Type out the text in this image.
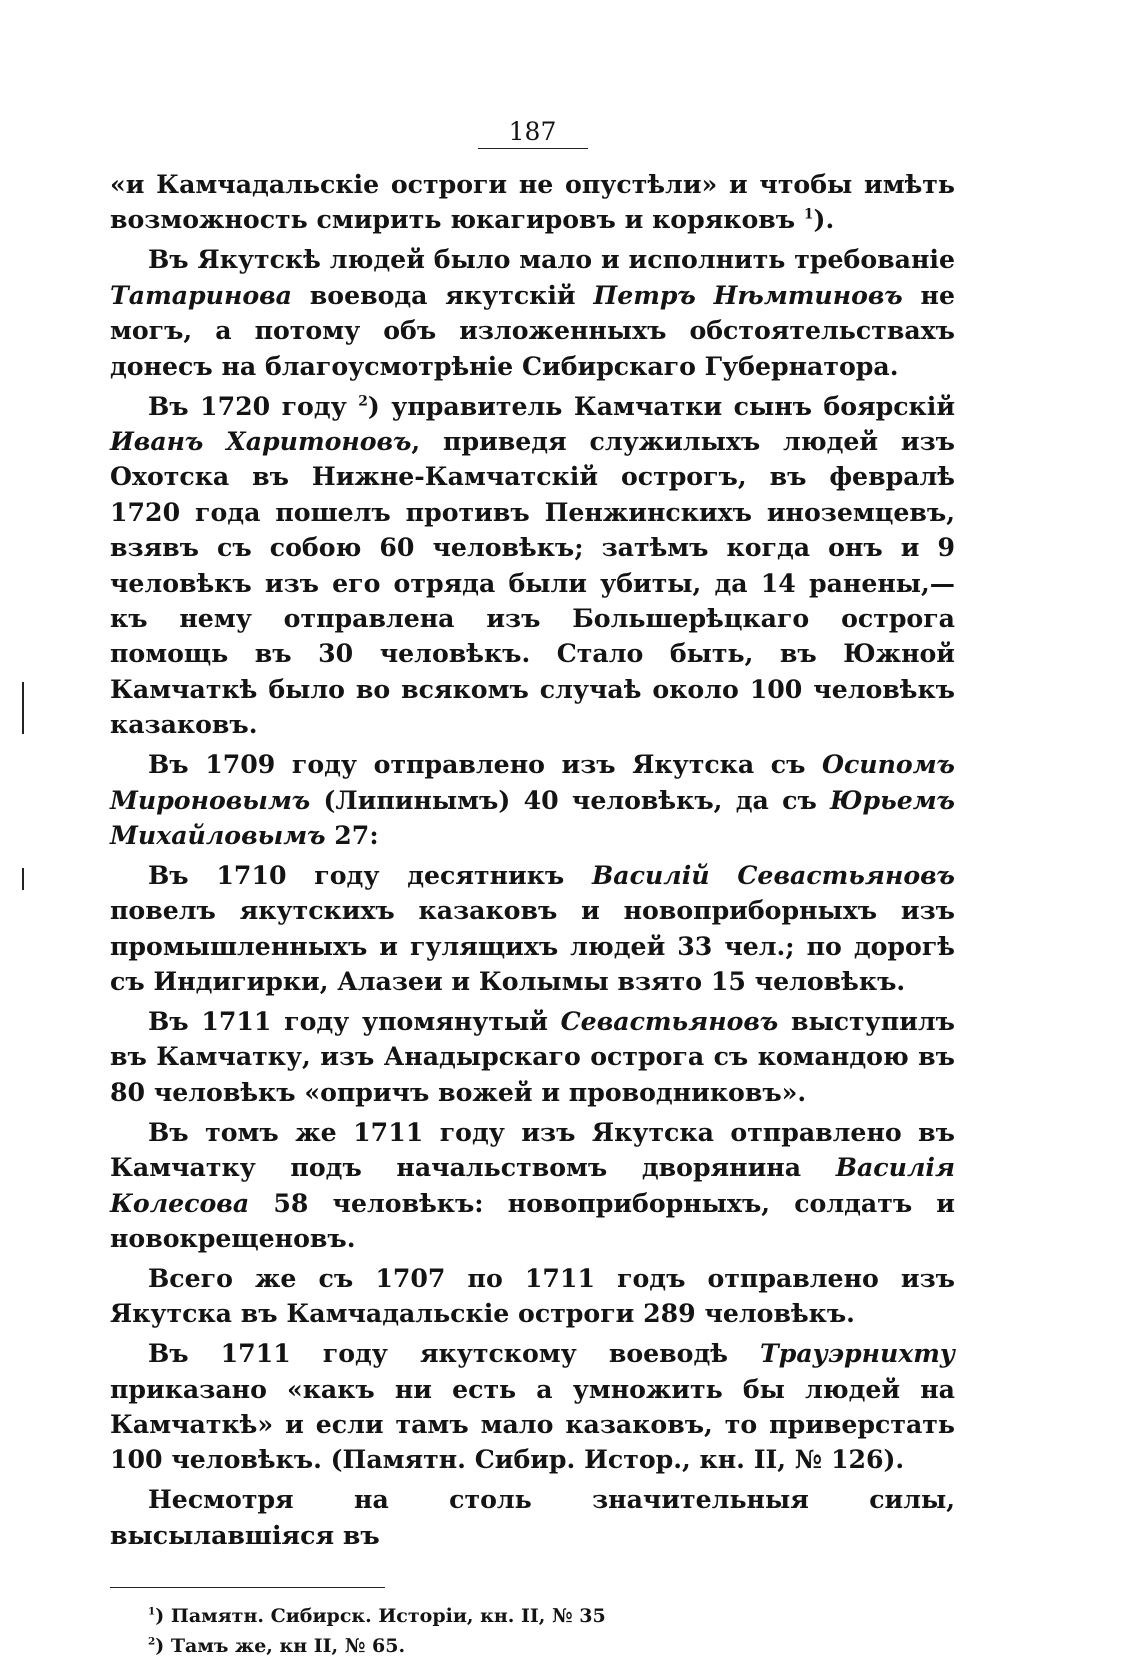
187

«и Камчадальскіе остроги не опустѣли» и чтобы имѣть возможность смирить юкагировъ и коряковъ $^1$).

Въ Якутскѣ людей было мало и исполнить требованіе Татаринова воевода якутскій Петръ Нѣмтиновъ не могъ, а потому объ изложенныхъ обстоятельствахъ донесъ на благоусмотрѣніе Сибирскаго Губернатора.

Въ 1720 году $^2$) управитель Камчатки сынъ боярскій Иванъ Харитоновъ, приведя служилыхъ людей изъ Охотска въ Нижне-Камчатскій острогъ, въ февралѣ 1720 года пошелъ противъ Пенжинскихъ иноземцевъ, взявъ съ собою 60 человѣкъ; затѣмъ когда онъ и 9 человѣкъ изъ его отряда были убиты, да 14 ранены,— къ нему отправлена изъ Большерѣцкаго острога помощь въ 30 человѣкъ. Стало быть, въ Южной Камчаткѣ было во всякомъ случаѣ около 100 человѣкъ казаковъ.

Въ 1709 году отправлено изъ Якутска съ Осипомъ Мироновымъ (Липинымъ) 40 человѣкъ, да съ Юрьемъ Михайловымъ 27:

Въ 1710 году десятникъ Василій Севастьяновъ повелъ якутскихъ казаковъ и новоприборныхъ изъ промышленныхъ и гулящихъ людей 33 чел.; по дорогѣ съ Индигирки, Алазеи и Колымы взято 15 человѣкъ.

Въ 1711 году упомянутый Севастьяновъ выступилъ въ Камчатку, изъ Анадырскаго острога съ командою въ 80 человѣкъ «опричъ вожей и проводниковъ».

Въ томъ же 1711 году изъ Якутска отправлено въ Камчатку подъ начальствомъ дворянина Василія Колесова 58 человѣкъ: новоприборныхъ, солдатъ и новокрещеновъ.

Всего же съ 1707 по 1711 годъ отправлено изъ Якутска въ Камчадальскіе остроги 289 человѣкъ.

Въ 1711 году якутскому воеводѣ Трауэрнихту приказано «какъ ни есть а умножить бы людей на Камчаткѣ» и если тамъ мало казаковъ, то приверстать 100 человѣкъ. (Памятн. Сибир. Истор., кн. II, № 126).

Несмотря на столь значительныя силы, высылавшіяся въ

$^1$) Памятн. Сибирск. Исторіи, кн. II, № 35
$^2$) Тамъ же, кн II, № 65.
